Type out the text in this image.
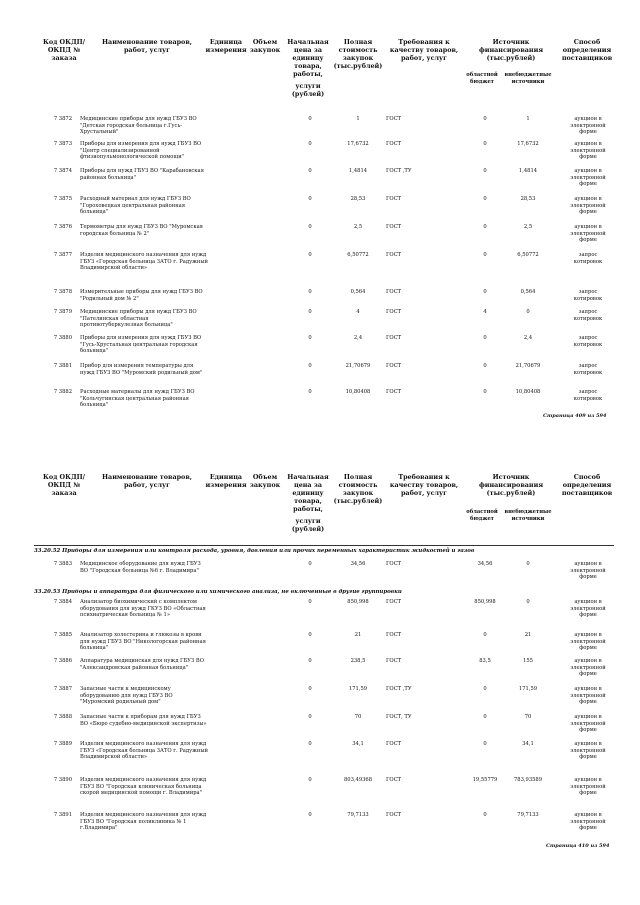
Код ОКДП/ ОКПД № заказа
Наименование товаров, работ, услуг
Единица измерения
Объем закупок
Начальная цена за единицу товара, работы,
услуги (рублей)
Полная стоимость закупок (тыс.рублей)
Требования к качеству товаров, работ, услуг
Источник финансирования (тыс.рублей)
областной бюджет
внебюджетные источники
Способ определения поставщиков
7 3872 Медицинские приборы для нужд ГБУЗ ВО "Детская городская больница г.Гусь-Хрустальный"
0	1	ГОСТ	0	1	аукцион в электронной форме
7 3873 Приборы для измерения для нужд ГБУЗ ВО "Центр специализированной фтизиопульмонологической помощи"
0	17,6732	ГОСТ	0	17,6732	аукцион в электронной форме
7 3874 Приборы для нужд ГБУЗ ВО "Карабановская районная больница"
0	1,4814	ГОСТ ,ТУ	0	1,4814	аукцион в электронной форме
7 3875 Расходный материал для нужд ГБУЗ ВО "Гороховецкая центральная районная больница"
0	28,53	ГОСТ	0	28,53	аукцион в электронной форме
7 3876 Термометры для нужд ГБУЗ ВО "Муромская городская больница № 2"
0	2,5	ГОСТ	0	2,5	аукцион в электронной форме
7 3877 Изделия медицинского назначения для нужд ГБУЗ «Городская больница ЗАТО г. Радужный Владимирской области»
0	6,50772	ГОСТ	0	6,50772	запрос котировок
7 3878 Измерительные приборы для нужд ГБУЗ ВО "Родильный дом № 2"
0	0,564	ГОСТ	0	0,564	запрос котировок
7 3879 Медицинские приборы для нужд ГБУЗ ВО "Пателинская областная противотуберкулезная больница"
0	4	ГОСТ	4	0	запрос котировок
7 3880 Приборы для измерения для нужд ГБУЗ ВО "Гусь-Хрустальная центральная городская больница"
0	2,4	ГОСТ	0	2,4	запрос котировок
7 3881 Прибор для измерения температуры для нужд ГБУЗ ВО "Муромский родильный дом"
0	21,70679	ГОСТ	0	21,70679	запрос котировок
7 3882 Расходные материалы для нужд ГБУЗ ВО "Кольчугинская центральная районная больница"
0	10,80408	ГОСТ	0	10,80408	запрос котировок
Страница 409 из 594
Код ОКДП/ ОКПД № заказа
Наименование товаров, работ, услуг
Единица измерения
Объем закупок
Начальная цена за единицу товара, работы,
услуги (рублей)
Полная стоимость закупок (тыс.рублей)
Требования к качеству товаров, работ, услуг
Источник финансирования (тыс.рублей)
областной бюджет
внебюджетные источники
Способ определения поставщиков
33.20.52 Приборы для измерения или контроля расхода, уровня, давления или прочих переменных характеристик жидкостей и газов
33.20.53 Приборы и аппаратура для физического или химического анализа, не включенные в другие группировки
7 3883 Медицинское оборудование для нужд ГБУЗ ВО "Городская больница №6 г. Владимира"
0	34,56	ГОСТ	34,56	0	аукцион в электронной форме
7 3884 Анализатор биохимический с комплектом оборудования для нужд ГКУЗ ВО «Областная психиатрическая больница № 1»
0	850,998	ГОСТ	850,998	0	аукцион в электронной форме
7 3885 Анализатор холестерина и глюкозы в крови для нужд ГБУЗ ВО "Никологорская районная больница"
0	21	ГОСТ	0	21	аукцион в электронной форме
7 3886 Аппаратура медицинская для нужд ГБУЗ ВО "Александровская районная больница"
0	238,5	ГОСТ	83,5	155	аукцион в электронной форме
7 3887 Запасные части к медицинскому оборудованию для нужд ГБУЗ ВО "Муромский родильный дом"
0	171,59	ГОСТ ,ТУ	0	171,59	аукцион в электронной форме
7 3888 Запасные части к приборам для нужд ГБУЗ ВО «Бюро судебно-медицинской экспертизы»
0	70	ГОСТ, ТУ	0	70	аукцион в электронной форме
7 3889 Изделия медицинского назначения для нужд ГБУЗ «Городская больница ЗАТО г. Радужный Владимирской области»
0	34,1	ГОСТ	0	34,1	аукцион в электронной форме
7 3890 Изделия медицинского назначения для нужд ГБУЗ ВО "Городская клиническая больница скорой медицинской помощи г. Владимира"
0	803,49368	ГОСТ	19,55779	783,93589	аукцион в электронной форме
7 3891 Изделия медицинского назначения для нужд ГБУЗ ВО "Городская поликлиника № 1 г.Владимира"
0	79,7133	ГОСТ	0	79,7133	аукцион в электронной форме
Страница 410 из 594
